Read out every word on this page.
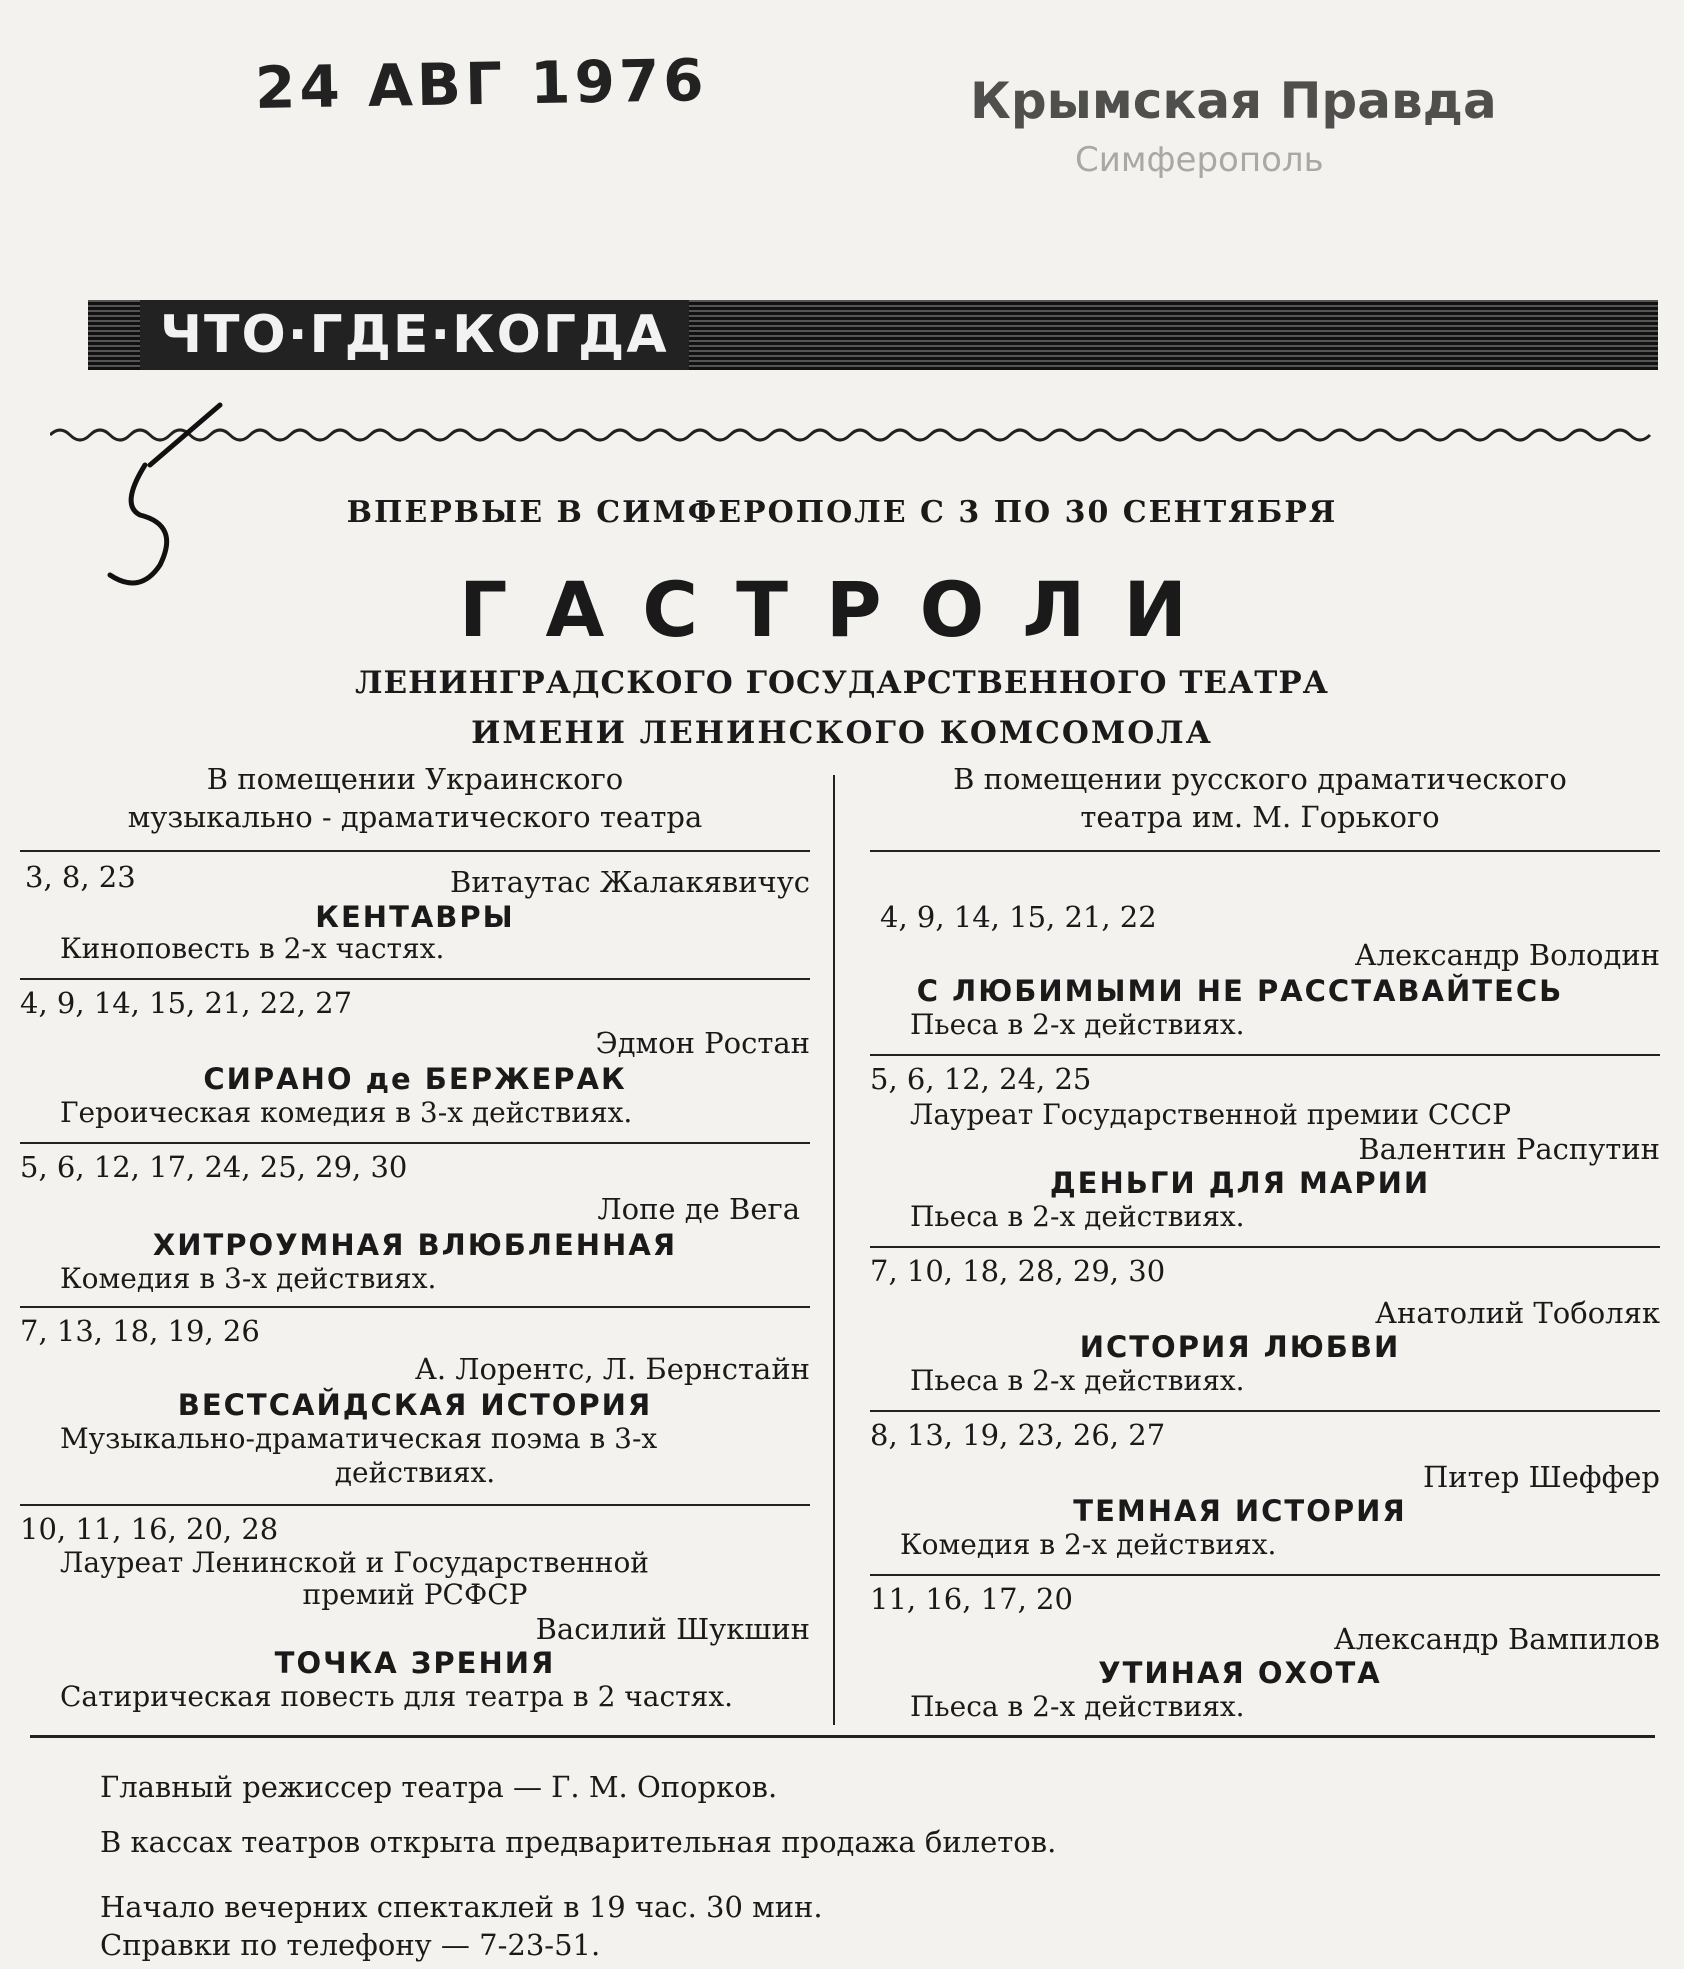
24 АВГ 1976	Крымская Правда
Симферополь
ЧТО·ГДЕ·КОГДА
ВПЕРВЫЕ В СИМФЕРОПОЛЕ С 3 ПО 30 СЕНТЯБРЯ
ГАСТРОЛИ
ЛЕНИНГРАДСКОГО ГОСУДАРСТВЕННОГО ТЕАТРА
ИМЕНИ ЛЕНИНСКОГО КОМСОМОЛА
В помещении Украинского
музыкально - драматического театра
3, 8, 23	Витаутас Жалакявичус
КЕНТАВРЫ
Киноповесть в 2-х частях.
4, 9, 14, 15, 21, 22, 27
Эдмон Ростан
СИРАНО де БЕРЖЕРАК
Героическая комедия в 3-х действиях.
5, 6, 12, 17, 24, 25, 29, 30
Лопе де Вега
ХИТРОУМНАЯ ВЛЮБЛЕННАЯ
Комедия в 3-х действиях.
7, 13, 18, 19, 26
А. Лорентс, Л. Бернстайн
ВЕСТСАЙДСКАЯ ИСТОРИЯ
Музыкально-драматическая поэма в 3-х
действиях.
10, 11, 16, 20, 28
Лауреат Ленинской и Государственной
премий РСФСР
Василий Шукшин
ТОЧКА ЗРЕНИЯ
Сатирическая повесть для театра в 2 частях.
В помещении русского драматического
театра им. М. Горького
4, 9, 14, 15, 21, 22
Александр Володин
С ЛЮБИМЫМИ НЕ РАССТАВАЙТЕСЬ
Пьеса в 2-х действиях.
5, 6, 12, 24, 25
Лауреат Государственной премии СССР
Валентин Распутин
ДЕНЬГИ ДЛЯ МАРИИ
Пьеса в 2-х действиях.
7, 10, 18, 28, 29, 30
Анатолий Тоболяк
ИСТОРИЯ ЛЮБВИ
Пьеса в 2-х действиях.
8, 13, 19, 23, 26, 27
Питер Шеффер
ТЕМНАЯ ИСТОРИЯ
Комедия в 2-х действиях.
11, 16, 17, 20
Александр Вампилов
УТИНАЯ ОХОТА
Пьеса в 2-х действиях.
Главный режиссер театра — Г. М. Опорков.
В кассах театров открыта предварительная продажа билетов.
Начало вечерних спектаклей в 19 час. 30 мин.
Справки по телефону — 7-23-51.
